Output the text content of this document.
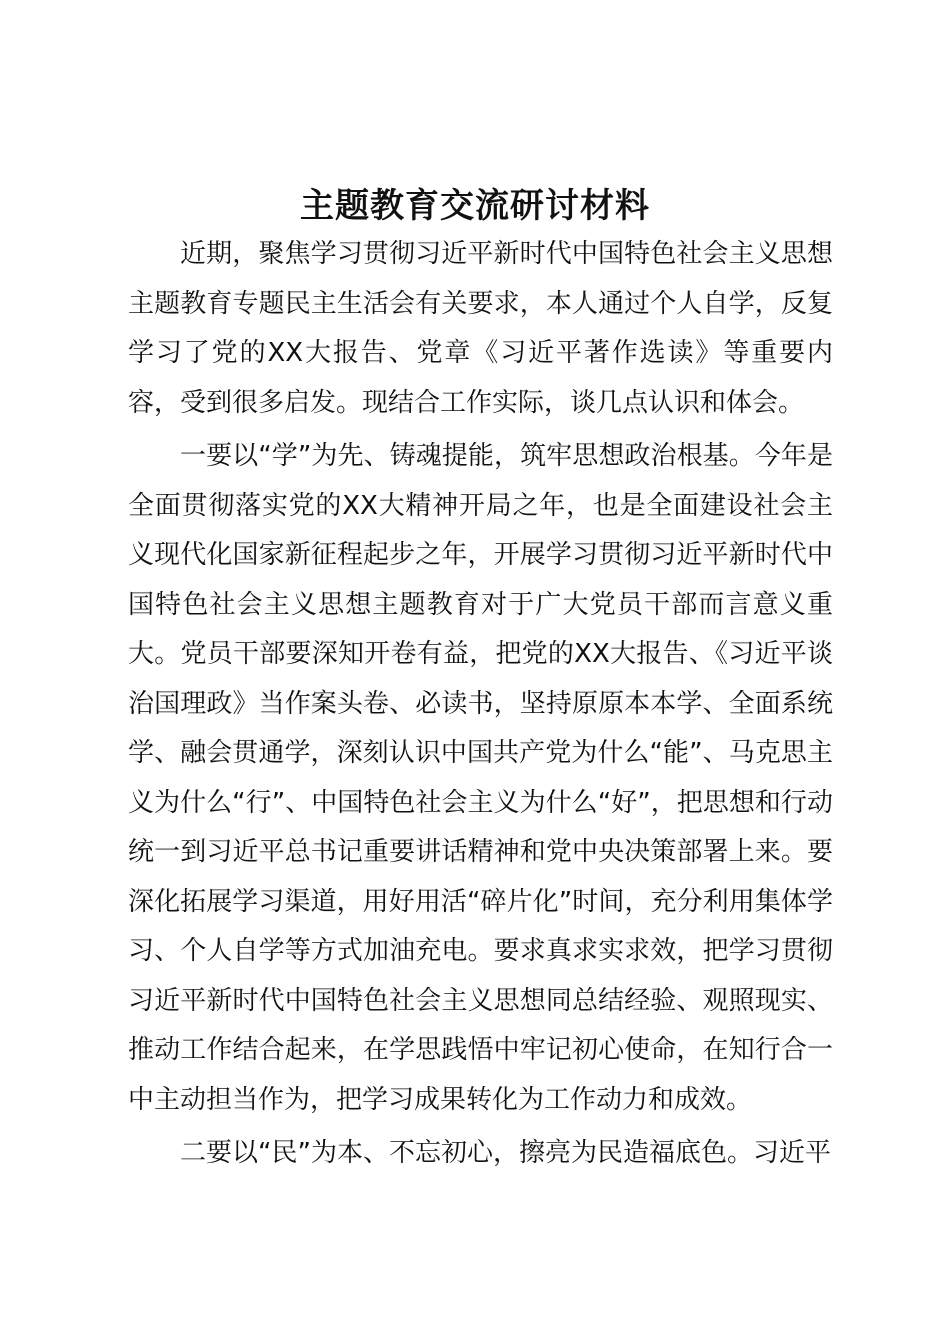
主题教育交流研讨材料

近期，聚焦学习贯彻习近平新时代中国特色社会主义思想主题教育专题民主生活会有关要求，本人通过个人自学，反复学习了党的XX大报告、党章《习近平著作选读》等重要内容，受到很多启发。现结合工作实际，谈几点认识和体会。

一要以“学”为先、铸魂提能，筑牢思想政治根基。今年是全面贯彻落实党的XX大精神开局之年，也是全面建设社会主义现代化国家新征程起步之年，开展学习贯彻习近平新时代中国特色社会主义思想主题教育对于广大党员干部而言意义重大。党员干部要深知开卷有益，把党的XX大报告、《习近平谈治国理政》当作案头卷、必读书，坚持原原本本学、全面系统学、融会贯通学，深刻认识中国共产党为什么“能”、马克思主义为什么“行”、中国特色社会主义为什么“好”，把思想和行动统一到习近平总书记重要讲话精神和党中央决策部署上来。要深化拓展学习渠道，用好用活“碎片化”时间，充分利用集体学习、个人自学等方式加油充电。要求真求实求效，把学习贯彻习近平新时代中国特色社会主义思想同总结经验、观照现实、推动工作结合起来，在学思践悟中牢记初心使命，在知行合一中主动担当作为，把学习成果转化为工作动力和成效。

二要以“民”为本、不忘初心，擦亮为民造福底色。习近平
